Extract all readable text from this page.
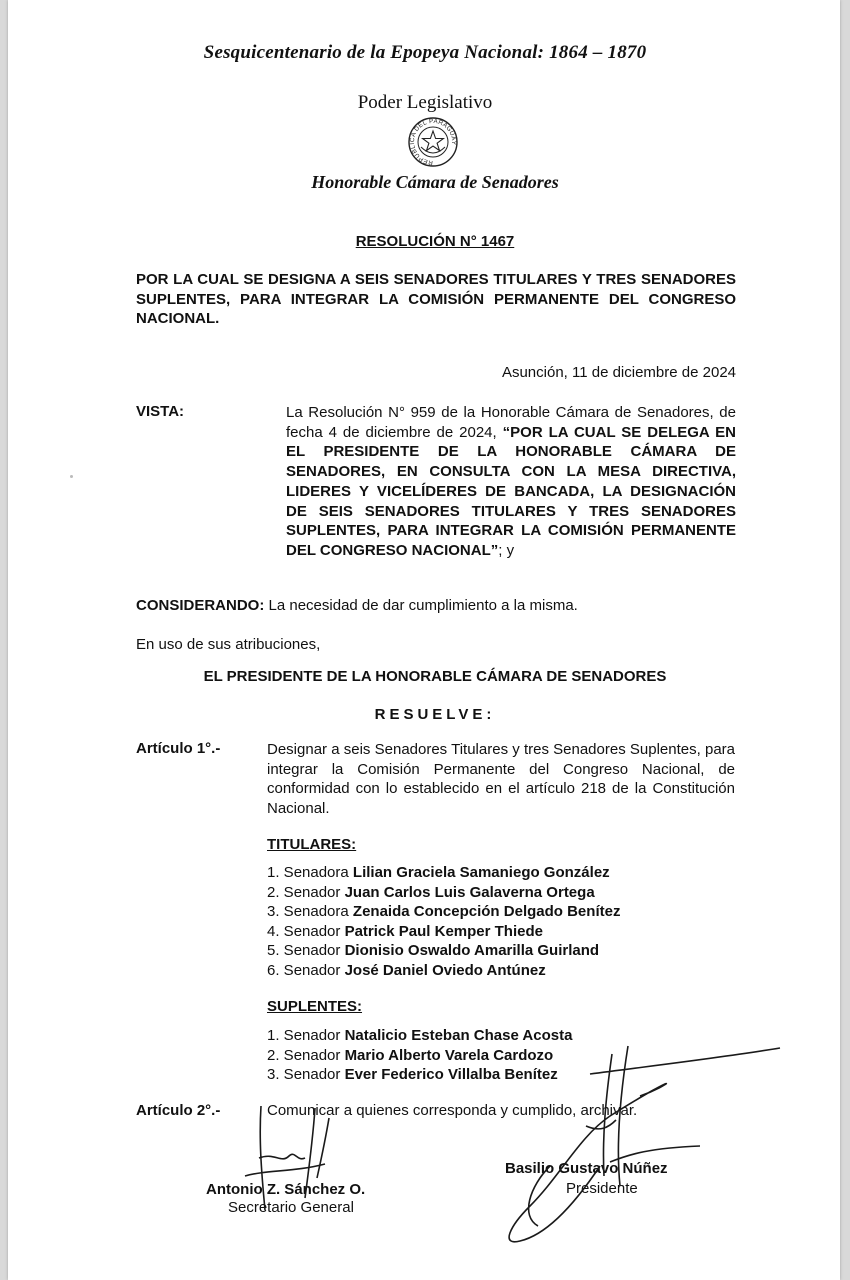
Sesquicentenario de la Epopeya Nacional: 1864 – 1870
Poder Legislativo
REPÚBLICA DEL PARAGUAY
Honorable Cámara de Senadores
RESOLUCIÓN N° 1467
POR LA CUAL SE DESIGNA A SEIS SENADORES TITULARES Y TRES SENADORES SUPLENTES, PARA INTEGRAR LA COMISIÓN PERMANENTE DEL CONGRESO NACIONAL.
Asunción, 11 de diciembre de 2024
VISTA:	La Resolución N° 959 de la Honorable Cámara de Senadores, de fecha 4 de diciembre de 2024, “POR LA CUAL SE DELEGA EN EL PRESIDENTE DE LA HONORABLE CÁMARA DE SENADORES, EN CONSULTA CON LA MESA DIRECTIVA, LIDERES Y VICELÍDERES DE BANCADA, LA DESIGNACIÓN DE SEIS SENADORES TITULARES Y TRES SENADORES SUPLENTES, PARA INTEGRAR LA COMISIÓN PERMANENTE DEL CONGRESO NACIONAL”; y
CONSIDERANDO: La necesidad de dar cumplimiento a la misma.
En uso de sus atribuciones,
EL PRESIDENTE DE LA HONORABLE CÁMARA DE SENADORES
RESUELVE:
Artículo 1°.-	Designar a seis Senadores Titulares y tres Senadores Suplentes, para integrar la Comisión Permanente del Congreso Nacional, de conformidad con lo establecido en el artículo 218 de la Constitución Nacional.
TITULARES:
1. Senadora Lilian Graciela Samaniego González
2. Senador Juan Carlos Luis Galaverna Ortega
3. Senadora Zenaida Concepción Delgado Benítez
4. Senador Patrick Paul Kemper Thiede
5. Senador Dionisio Oswaldo Amarilla Guirland
6. Senador José Daniel Oviedo Antúnez
SUPLENTES:
1. Senador Natalicio Esteban Chase Acosta
2. Senador Mario Alberto Varela Cardozo
3. Senador Ever Federico Villalba Benítez
Artículo 2°.-	Comunicar a quienes corresponda y cumplido, archivar.
Antonio Z. Sánchez O.
Secretario General
Basilio Gustavo Núñez
Presidente
